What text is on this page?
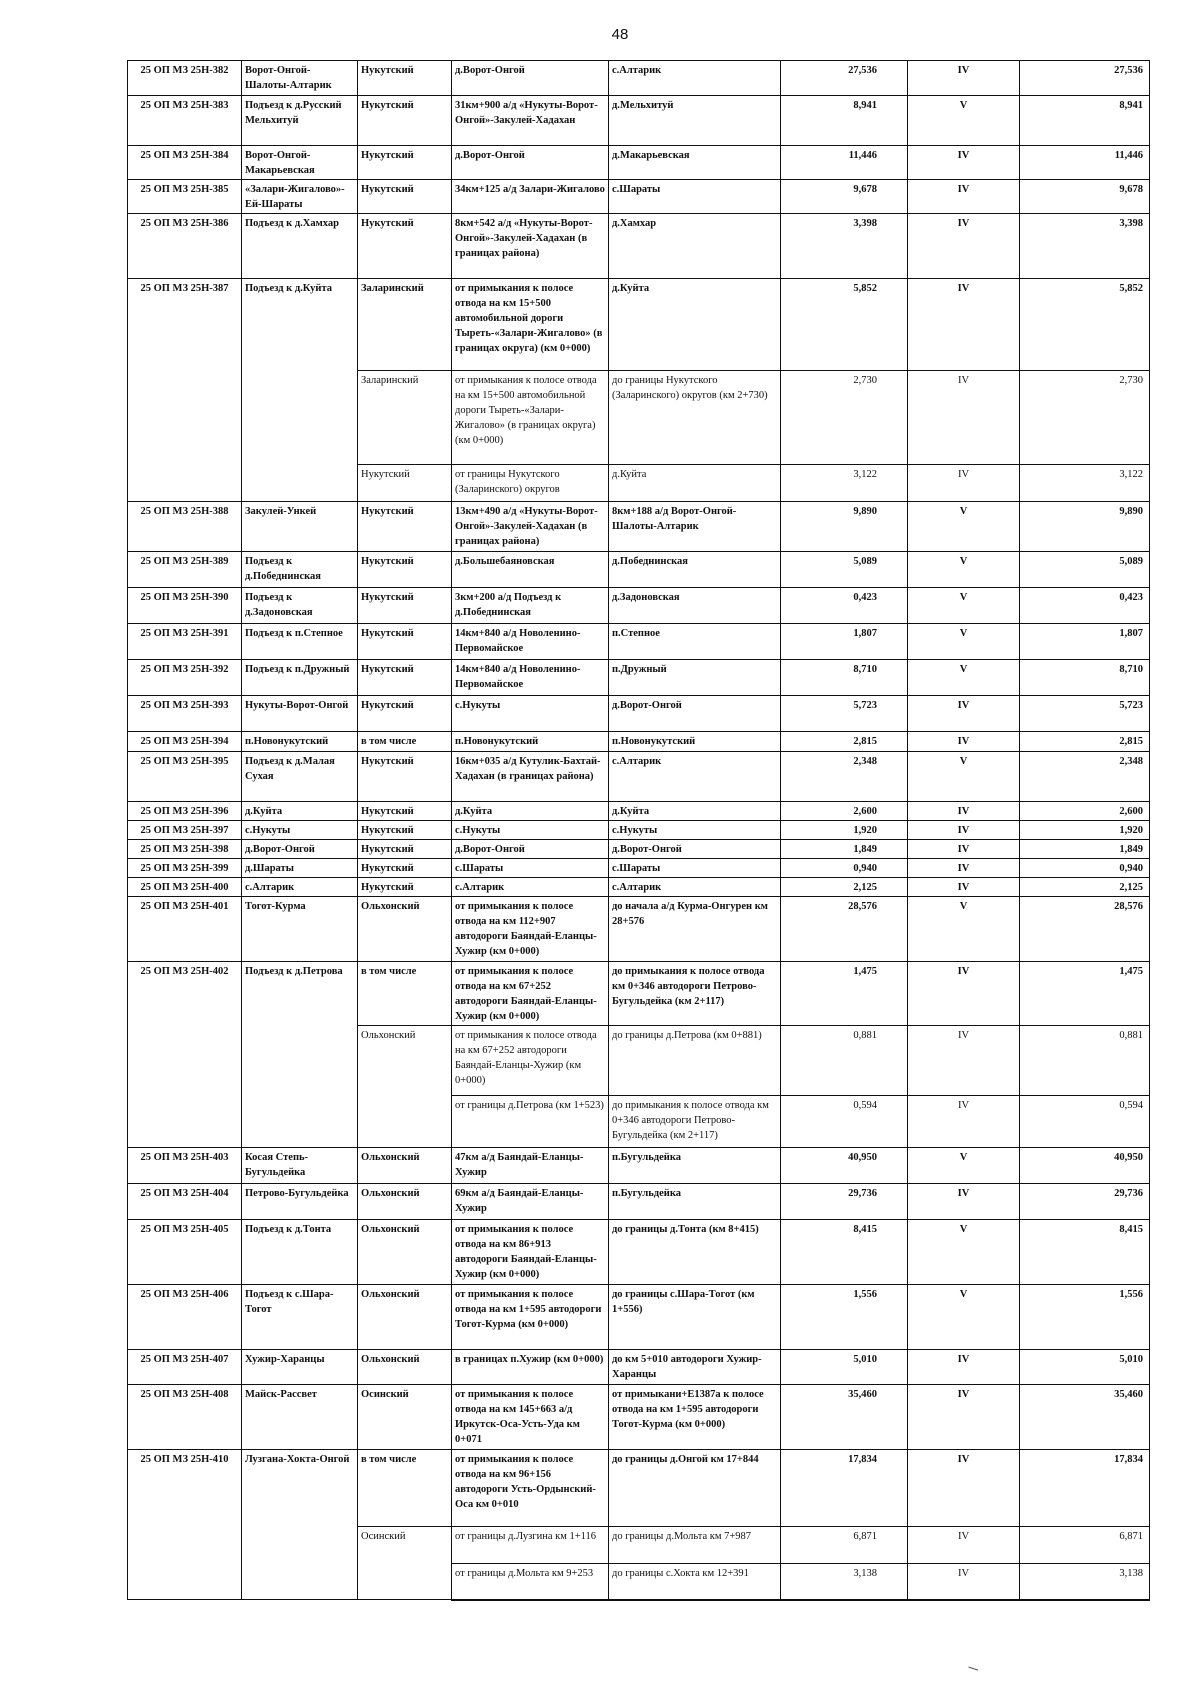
48
25 ОП МЗ 25Н-382	Ворот-Онгой-Шалоты-Алтарик	Нукутский	д.Ворот-Онгой	с.Алтарик	27,536	IV	27,536
25 ОП МЗ 25Н-383	Подъезд к д.Русский Мельхитуй	Нукутский	31км+900 а/д «Нукуты-Ворот-Онгой»-Закулей-Хадахан	д.Мельхитуй	8,941	V	8,941
25 ОП МЗ 25Н-384	Ворот-Онгой-Макарьевская	Нукутский	д.Ворот-Онгой	д.Макарьевская	11,446	IV	11,446
25 ОП МЗ 25Н-385	«Залари-Жигалово»-Ей-Шараты	Нукутский	34км+125 а/д Залари-Жигалово	с.Шараты	9,678	IV	9,678
25 ОП МЗ 25Н-386	Подъезд к д.Хамхар	Нукутский	8км+542 а/д «Нукуты-Ворот-Онгой»-Закулей-Хадахан (в границах района)	д.Хамхар	3,398	IV	3,398
25 ОП МЗ 25Н-387	Подъезд к д.Куйта	Заларинский	от примыкания к полосе отвода на км 15+500 автомобильной дороги Тыреть-«Залари-Жигалово» (в границах округа) (км 0+000)	д.Куйта	5,852	IV	5,852
		Заларинский	от примыкания к полосе отвода на км 15+500 автомобильной дороги Тыреть-«Залари-Жигалово» (в границах округа) (км 0+000)	до границы Нукутского (Заларинского) округов (км 2+730)	2,730	IV	2,730
		Нукутский	от границы Нукутского (Заларинского) округов	д.Куйта	3,122	IV	3,122
25 ОП МЗ 25Н-388	Закулей-Ункей	Нукутский	13км+490 а/д «Нукуты-Ворот-Онгой»-Закулей-Хадахан (в границах района)	8км+188 а/д Ворот-Онгой-Шалоты-Алтарик	9,890	V	9,890
25 ОП МЗ 25Н-389	Подъезд к д.Победнинская	Нукутский	д.Большебаяновская	д.Победнинская	5,089	V	5,089
25 ОП МЗ 25Н-390	Подъезд к д.Задоновская	Нукутский	3км+200 а/д Подъезд к д.Победнинская	д.Задоновская	0,423	V	0,423
25 ОП МЗ 25Н-391	Подъезд к п.Степное	Нукутский	14км+840 а/д Новоленино-Первомайское	п.Степное	1,807	V	1,807
25 ОП МЗ 25Н-392	Подъезд к п.Дружный	Нукутский	14км+840 а/д Новоленино-Первомайское	п.Дружный	8,710	V	8,710
25 ОП МЗ 25Н-393	Нукуты-Ворот-Онгой	Нукутский	с.Нукуты	д.Ворот-Онгой	5,723	IV	5,723
25 ОП МЗ 25Н-394	п.Новонукутский	в том числе	п.Новонукутский	п.Новонукутский	2,815	IV	2,815
25 ОП МЗ 25Н-395	Подъезд к д.Малая Сухая	Нукутский	16км+035 а/д Кутулик-Бахтай-Хадахан (в границах района)	с.Алтарик	2,348	V	2,348
25 ОП МЗ 25Н-396	д.Куйта	Нукутский	д.Куйта	д.Куйта	2,600	IV	2,600
25 ОП МЗ 25Н-397	с.Нукуты	Нукутский	с.Нукуты	с.Нукуты	1,920	IV	1,920
25 ОП МЗ 25Н-398	д.Ворот-Онгой	Нукутский	д.Ворот-Онгой	д.Ворот-Онгой	1,849	IV	1,849
25 ОП МЗ 25Н-399	д.Шараты	Нукутский	с.Шараты	с.Шараты	0,940	IV	0,940
25 ОП МЗ 25Н-400	с.Алтарик	Нукутский	с.Алтарик	с.Алтарик	2,125	IV	2,125
25 ОП МЗ 25Н-401	Тогот-Курма	Ольхонский	от примыкания к полосе отвода на км 112+907 автодороги Баяндай-Еланцы-Хужир (км 0+000)	до начала а/д Курма-Онгурен км 28+576	28,576	V	28,576
25 ОП МЗ 25Н-402	Подъезд к д.Петрова	в том числе	от примыкания к полосе отвода на км 67+252 автодороги Баяндай-Еланцы-Хужир (км 0+000)	до примыкания к полосе отвода км 0+346 автодороги Петрово-Бугульдейка (км 2+117)	1,475	IV	1,475
		Ольхонский	от примыкания к полосе отвода на км 67+252 автодороги Баяндай-Еланцы-Хужир (км 0+000)	до границы д.Петрова (км 0+881)	0,881	IV	0,881
			от границы д.Петрова (км 1+523)	до примыкания к полосе отвода км 0+346 автодороги Петрово-Бугульдейка (км 2+117)	0,594	IV	0,594
25 ОП МЗ 25Н-403	Косая Степь-Бугульдейка	Ольхонский	47км а/д Баяндай-Еланцы-Хужир	п.Бугульдейка	40,950	V	40,950
25 ОП МЗ 25Н-404	Петрово-Бугульдейка	Ольхонский	69км а/д Баяндай-Еланцы-Хужир	п.Бугульдейка	29,736	IV	29,736
25 ОП МЗ 25Н-405	Подъезд к д.Тонта	Ольхонский	от примыкания к полосе отвода на км 86+913 автодороги Баяндай-Еланцы-Хужир (км 0+000)	до границы д.Тонта (км 8+415)	8,415	V	8,415
25 ОП МЗ 25Н-406	Подъезд к с.Шара-Тогот	Ольхонский	от примыкания к полосе отвода на км 1+595 автодороги Тогот-Курма (км 0+000)	до границы с.Шара-Тогот (км 1+556)	1,556	V	1,556
25 ОП МЗ 25Н-407	Хужир-Харанцы	Ольхонский	в границах п.Хужир (км 0+000)	до км 5+010 автодороги Хужир-Харанцы	5,010	IV	5,010
25 ОП МЗ 25Н-408	Майск-Рассвет	Осинский	от примыкания к полосе отвода на км 145+663 а/д Иркутск-Оса-Усть-Уда км 0+071	от примыкани+Е1387а к полосе отвода на км 1+595 автодороги Тогот-Курма (км 0+000)	35,460	IV	35,460
25 ОП МЗ 25Н-410	Лузгана-Хокта-Онгой	в том числе	от примыкания к полосе отвода на км 96+156 автодороги Усть-Ордынский-Оса км 0+010	до границы д.Онгой км 17+844	17,834	IV	17,834
		Осинский	от границы д.Лузгина км 1+116	до границы д.Мольта км 7+987	6,871	IV	6,871
			от границы д.Мольта км 9+253	до границы с.Хокта км 12+391	3,138	IV	3,138
